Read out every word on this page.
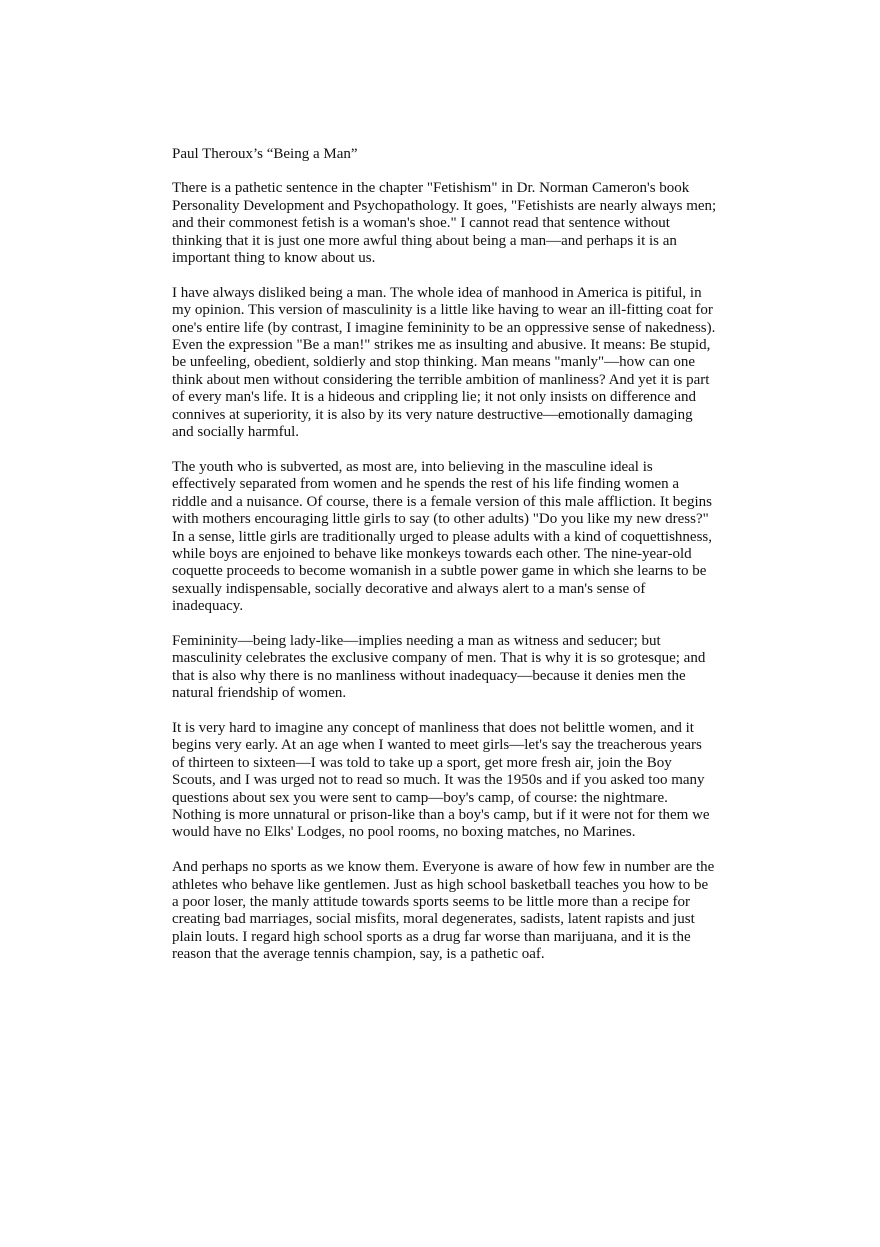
Paul Theroux’s “Being a Man”

There is a pathetic sentence in the chapter "Fetishism" in Dr. Norman Cameron's book Personality Development and Psychopathology. It goes, "Fetishists are nearly always men; and their commonest fetish is a woman's shoe." I cannot read that sentence without thinking that it is just one more awful thing about being a man—and perhaps it is an important thing to know about us.

I have always disliked being a man. The whole idea of manhood in America is pitiful, in my opinion. This version of masculinity is a little like having to wear an ill-fitting coat for one's entire life (by contrast, I imagine femininity to be an oppressive sense of nakedness). Even the expression "Be a man!" strikes me as insulting and abusive. It means: Be stupid, be unfeeling, obedient, soldierly and stop thinking. Man means "manly"—how can one think about men without considering the terrible ambition of manliness? And yet it is part of every man's life. It is a hideous and crippling lie; it not only insists on difference and connives at superiority, it is also by its very nature destructive—emotionally damaging and socially harmful.

The youth who is subverted, as most are, into believing in the masculine ideal is effectively separated from women and he spends the rest of his life finding women a riddle and a nuisance. Of course, there is a female version of this male affliction. It begins with mothers encouraging little girls to say (to other adults) "Do you like my new dress?" In a sense, little girls are traditionally urged to please adults with a kind of coquettishness, while boys are enjoined to behave like monkeys towards each other. The nine-year-old coquette proceeds to become womanish in a subtle power game in which she learns to be sexually indispensable, socially decorative and always alert to a man's sense of inadequacy.

Femininity—being lady-like—implies needing a man as witness and seducer; but masculinity celebrates the exclusive company of men. That is why it is so grotesque; and that is also why there is no manliness without inadequacy—because it denies men the natural friendship of women.

It is very hard to imagine any concept of manliness that does not belittle women, and it begins very early. At an age when I wanted to meet girls—let's say the treacherous years of thirteen to sixteen—I was told to take up a sport, get more fresh air, join the Boy Scouts, and I was urged not to read so much. It was the 1950s and if you asked too many questions about sex you were sent to camp—boy's camp, of course: the nightmare. Nothing is more unnatural or prison-like than a boy's camp, but if it were not for them we would have no Elks' Lodges, no pool rooms, no boxing matches, no Marines.

And perhaps no sports as we know them. Everyone is aware of how few in number are the athletes who behave like gentlemen. Just as high school basketball teaches you how to be a poor loser, the manly attitude towards sports seems to be little more than a recipe for creating bad marriages, social misfits, moral degenerates, sadists, latent rapists and just plain louts. I regard high school sports as a drug far worse than marijuana, and it is the reason that the average tennis champion, say, is a pathetic oaf.
